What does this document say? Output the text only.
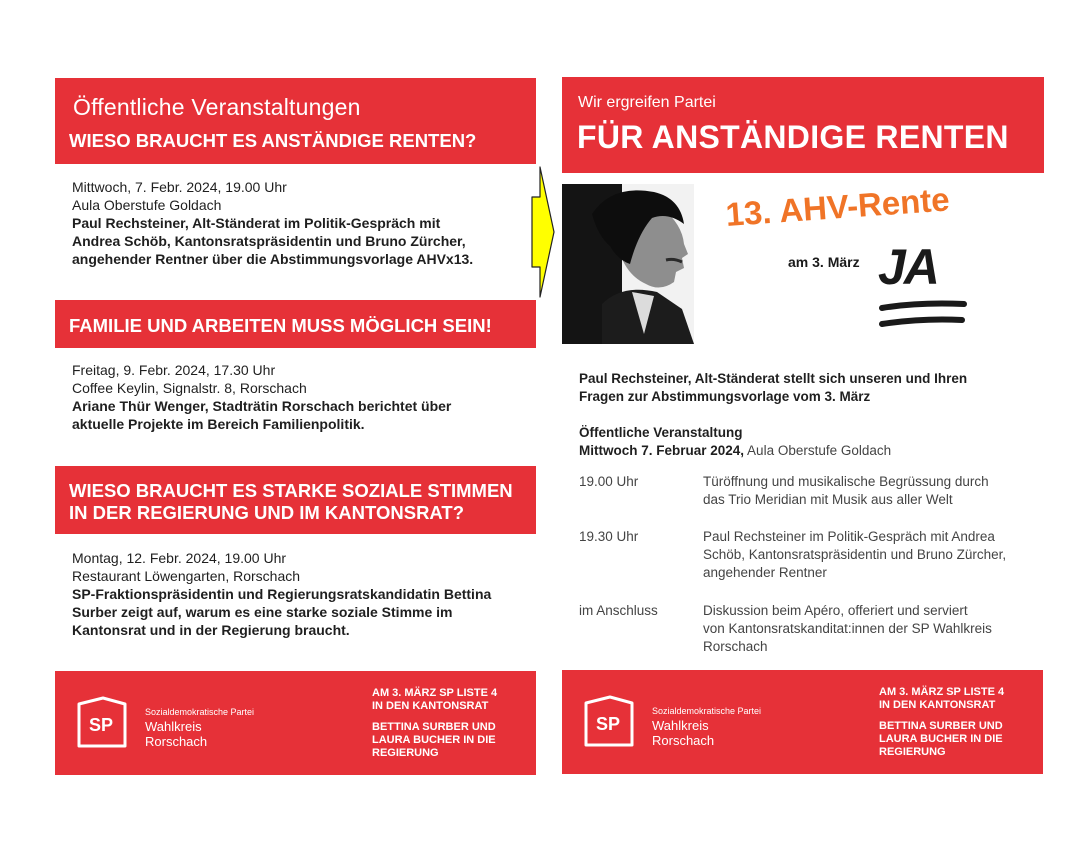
Öffentliche Veranstaltungen
WIESO BRAUCHT ES ANSTÄNDIGE RENTEN?
Mittwoch, 7. Febr. 2024, 19.00 Uhr
Aula Oberstufe Goldach
Paul Rechsteiner, Alt-Ständerat im Politik-Gespräch mit
Andrea Schöb, Kantonsratspräsidentin und Bruno Zürcher,
angehender Rentner über die Abstimmungsvorlage AHVx13.
FAMILIE UND ARBEITEN MUSS MÖGLICH SEIN!
Freitag, 9. Febr. 2024, 17.30 Uhr
Coffee Keylin, Signalstr. 8, Rorschach
Ariane Thür Wenger, Stadträtin Rorschach berichtet über
aktuelle Projekte im Bereich Familienpolitik.
WIESO BRAUCHT ES STARKE SOZIALE STIMMEN
IN DER REGIERUNG UND IM KANTONSRAT?
Montag, 12. Febr. 2024, 19.00 Uhr
Restaurant Löwengarten, Rorschach
SP-Fraktionspräsidentin und Regierungsratskandidatin Bettina
Surber zeigt auf, warum es eine starke soziale Stimme im
Kantonsrat und in der Regierung braucht.
SP
Sozialdemokratische Partei
Wahlkreis
Rorschach
AM 3. MÄRZ SP LISTE 4
IN DEN KANTONSRAT
BETTINA SURBER UND
LAURA BUCHER IN DIE
REGIERUNG
Wir ergreifen Partei
FÜR ANSTÄNDIGE RENTEN
13. AHV-Rente
am 3. März JA
Paul Rechsteiner, Alt-Ständerat stellt sich unseren und Ihren
Fragen zur Abstimmungsvorlage vom 3. März
Öffentliche Veranstaltung
Mittwoch 7. Februar 2024, Aula Oberstufe Goldach
19.00 Uhr	Türöffnung und musikalische Begrüssung durch
das Trio Meridian mit Musik aus aller Welt
19.30 Uhr	Paul Rechsteiner im Politik-Gespräch mit Andrea
Schöb, Kantonsratspräsidentin und Bruno Zürcher,
angehender Rentner
im Anschluss	Diskussion beim Apéro, offeriert und serviert
von Kantonsratskanditat:innen der SP Wahlkreis
Rorschach
SP
Sozialdemokratische Partei
Wahlkreis
Rorschach
AM 3. MÄRZ SP LISTE 4
IN DEN KANTONSRAT
BETTINA SURBER UND
LAURA BUCHER IN DIE
REGIERUNG
